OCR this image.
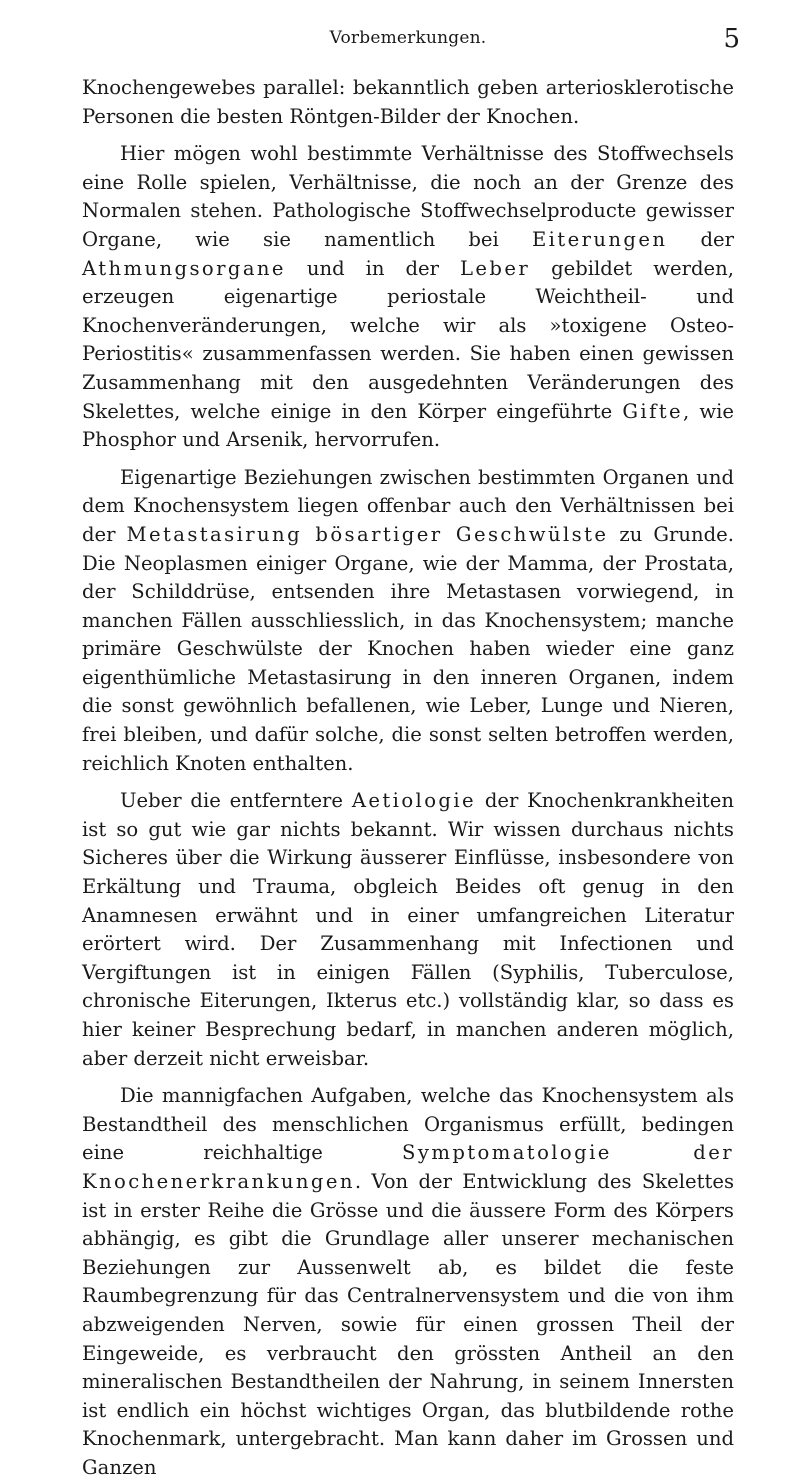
Vorbemerkungen.	5

Knochengewebes parallel: bekanntlich geben arteriosklerotische Personen die besten Röntgen-Bilder der Knochen.

Hier mögen wohl bestimmte Verhältnisse des Stoffwechsels eine Rolle spielen, Verhältnisse, die noch an der Grenze des Normalen stehen. Pathologische Stoffwechselproducte gewisser Organe, wie sie namentlich bei Eiterungen der Athmungsorgane und in der Leber gebildet werden, erzeugen eigenartige periostale Weichtheil- und Knochenveränderungen, welche wir als »toxigene Osteo-Periostitis« zusammenfassen werden. Sie haben einen gewissen Zusammenhang mit den ausgedehnten Veränderungen des Skelettes, welche einige in den Körper eingeführte Gifte, wie Phosphor und Arsenik, hervorrufen.

Eigenartige Beziehungen zwischen bestimmten Organen und dem Knochensystem liegen offenbar auch den Verhältnissen bei der Metastasirung bösartiger Geschwülste zu Grunde. Die Neoplasmen einiger Organe, wie der Mamma, der Prostata, der Schilddrüse, entsenden ihre Metastasen vorwiegend, in manchen Fällen ausschliesslich, in das Knochensystem; manche primäre Geschwülste der Knochen haben wieder eine ganz eigenthümliche Metastasirung in den inneren Organen, indem die sonst gewöhnlich befallenen, wie Leber, Lunge und Nieren, frei bleiben, und dafür solche, die sonst selten betroffen werden, reichlich Knoten enthalten.

Ueber die entferntere Aetiologie der Knochenkrankheiten ist so gut wie gar nichts bekannt. Wir wissen durchaus nichts Sicheres über die Wirkung äusserer Einflüsse, insbesondere von Erkältung und Trauma, obgleich Beides oft genug in den Anamnesen erwähnt und in einer umfangreichen Literatur erörtert wird. Der Zusammenhang mit Infectionen und Vergiftungen ist in einigen Fällen (Syphilis, Tuberculose, chronische Eiterungen, Ikterus etc.) vollständig klar, so dass es hier keiner Besprechung bedarf, in manchen anderen möglich, aber derzeit nicht erweisbar.

Die mannigfachen Aufgaben, welche das Knochensystem als Bestandtheil des menschlichen Organismus erfüllt, bedingen eine reichhaltige Symptomatologie der Knochenerkrankungen. Von der Entwicklung des Skelettes ist in erster Reihe die Grösse und die äussere Form des Körpers abhängig, es gibt die Grundlage aller unserer mechanischen Beziehungen zur Aussenwelt ab, es bildet die feste Raumbegrenzung für das Centralnervensystem und die von ihm abzweigenden Nerven, sowie für einen grossen Theil der Eingeweide, es verbraucht den grössten Antheil an den mineralischen Bestandtheilen der Nahrung, in seinem Innersten ist endlich ein höchst wichtiges Organ, das blutbildende rothe Knochenmark, untergebracht. Man kann daher im Grossen und Ganzen
